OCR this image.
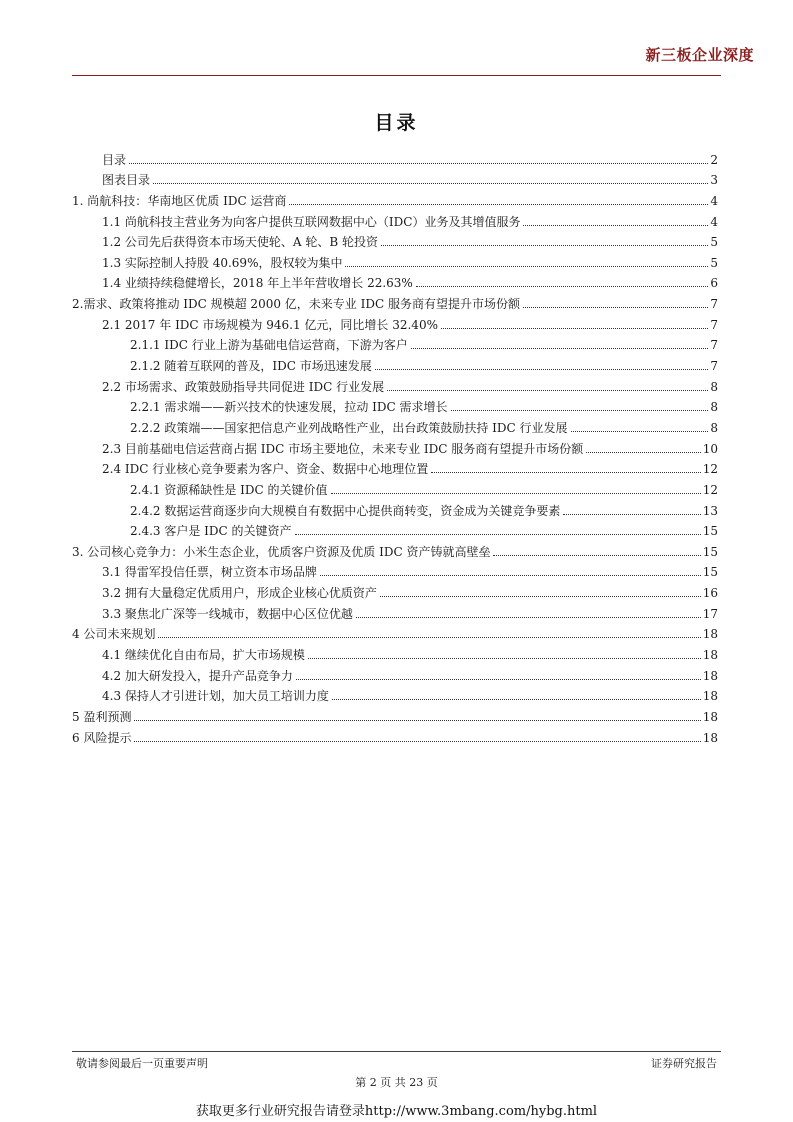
新三板企业深度
目录
目录	2
图表目录	3
1. 尚航科技：华南地区优质 IDC 运营商	4
1.1 尚航科技主营业务为向客户提供互联网数据中心（IDC）业务及其增值服务	4
1.2 公司先后获得资本市场天使轮、A 轮、B 轮投资	5
1.3 实际控制人持股 40.69%，股权较为集中	5
1.4 业绩持续稳健增长，2018 年上半年营收增长 22.63%	6
2.需求、政策将推动 IDC 规模超 2000 亿，未来专业 IDC 服务商有望提升市场份额	7
2.1 2017 年 IDC 市场规模为 946.1 亿元，同比增长 32.40%	7
2.1.1 IDC 行业上游为基础电信运营商，下游为客户	7
2.1.2 随着互联网的普及，IDC 市场迅速发展	7
2.2 市场需求、政策鼓励指导共同促进 IDC 行业发展	8
2.2.1 需求端——新兴技术的快速发展，拉动 IDC 需求增长	8
2.2.2 政策端——国家把信息产业列战略性产业，出台政策鼓励扶持 IDC 行业发展	8
2.3 目前基础电信运营商占据 IDC 市场主要地位，未来专业 IDC 服务商有望提升市场份额	10
2.4 IDC 行业核心竞争要素为客户、资金、数据中心地理位置	12
2.4.1 资源稀缺性是 IDC 的关键价值	12
2.4.2 数据运营商逐步向大规模自有数据中心提供商转变，资金成为关键竞争要素	13
2.4.3 客户是 IDC 的关键资产	15
3. 公司核心竞争力：小米生态企业，优质客户资源及优质 IDC 资产铸就高壁垒	15
3.1 得雷军投信任票，树立资本市场品牌	15
3.2 拥有大量稳定优质用户，形成企业核心优质资产	16
3.3 聚焦北广深等一线城市，数据中心区位优越	17
4 公司未来规划	18
4.1 继续优化自由布局，扩大市场规模	18
4.2 加大研发投入，提升产品竞争力	18
4.3 保持人才引进计划，加大员工培训力度	18
5 盈利预测	18
6 风险提示	18
敬请参阅最后一页重要声明	证券研究报告
第 2 页 共 23 页
获取更多行业研究报告请登录http://www.3mbang.com/hybg.html
